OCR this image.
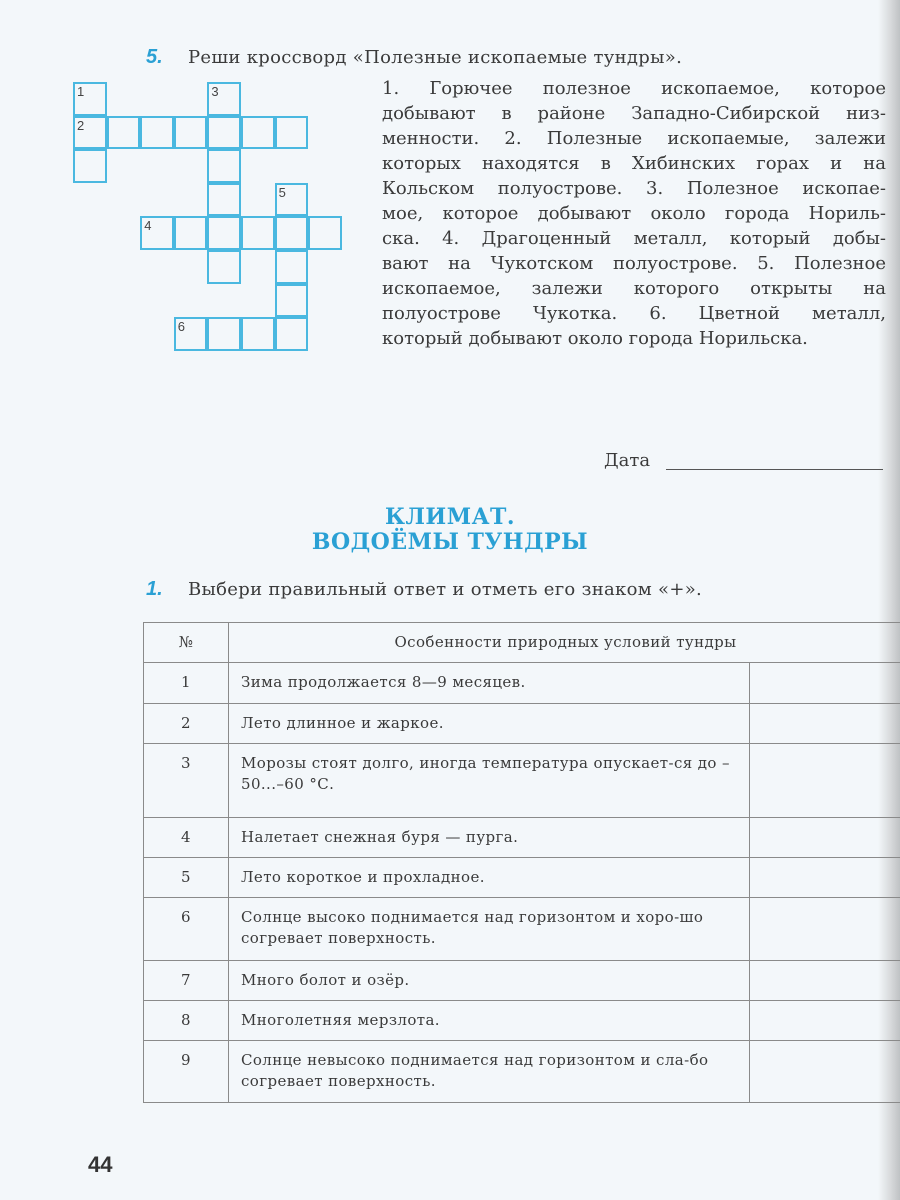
5. Реши кроссворд «Полезные ископаемые тундры».
1
2
3
4
5
6
1. Горючее полезное ископаемое, которое
добывают в районе Западно-Сибирской низ-
менности. 2. Полезные ископаемые, залежи
которых находятся в Хибинских горах и на
Кольском полуострове. 3. Полезное ископае-
мое, которое добывают около города Нориль-
ска. 4. Драгоценный металл, который добы-
вают на Чукотском полуострове. 5. Полезное
ископаемое, залежи которого открыты на
полуострове Чукотка. 6. Цветной металл,
который добывают около города Норильска.
Дата
КЛИМАТ.
ВОДОЁМЫ ТУНДРЫ
1. Выбери правильный ответ и отметь его знаком «+».
№	Особенности природных условий тундры	
1	Зима продолжается 8—9 месяцев.	
2	Лето длинное и жаркое.	
3	Морозы стоят долго, иногда температура опускает-ся до –50...–60 °С.	
4	Налетает снежная буря — пурга.	
5	Лето короткое и прохладное.	
6	Солнце высоко поднимается над горизонтом и хоро-шо согревает поверхность.	
7	Много болот и озёр.	
8	Многолетняя мерзлота.	
9	Солнце невысоко поднимается над горизонтом и сла-бо согревает поверхность.	
44
